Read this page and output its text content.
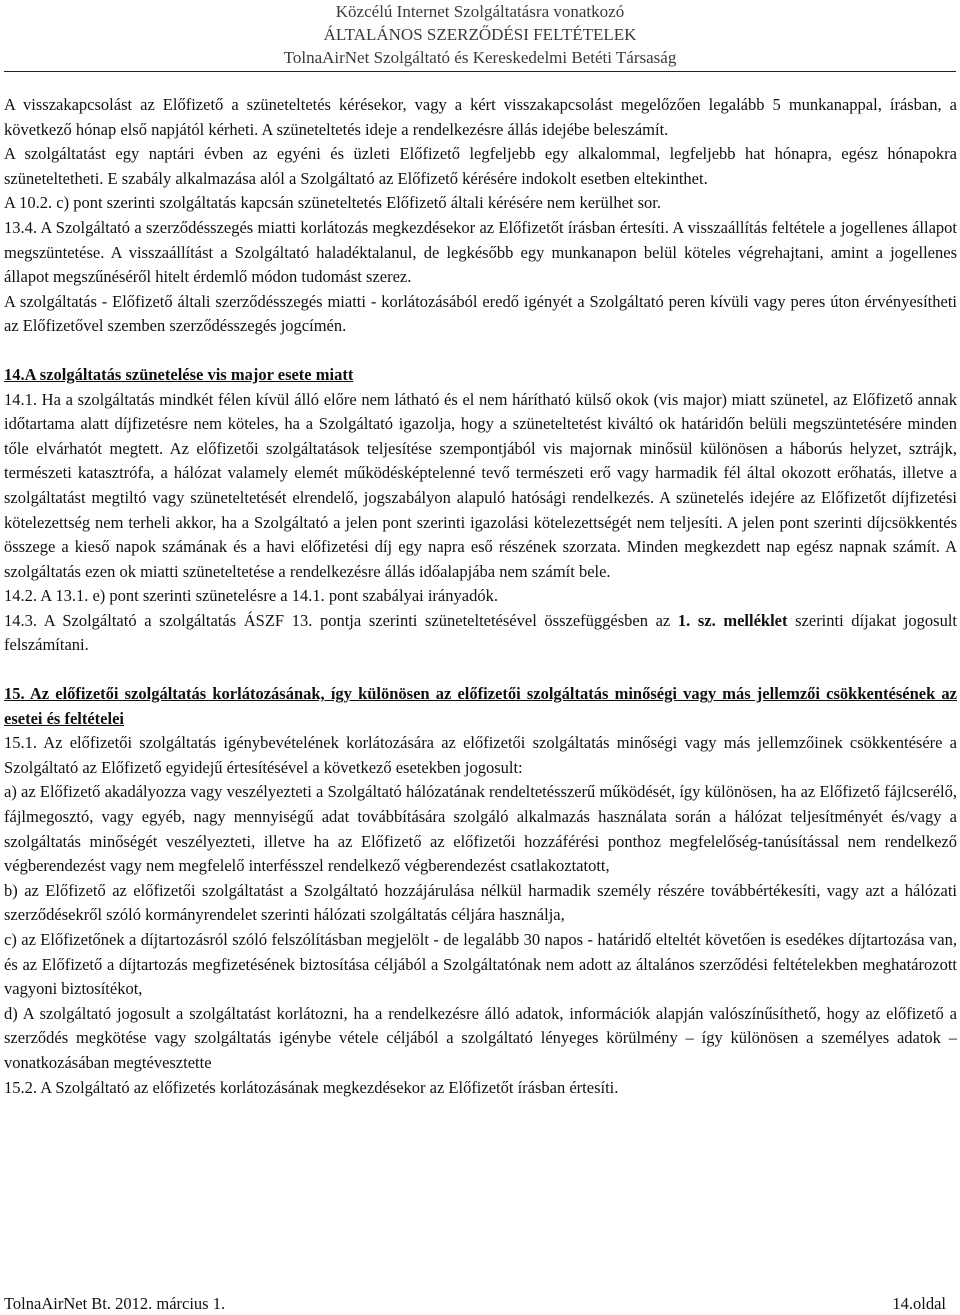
Közcélú Internet Szolgáltatásra vonatkozó
ÁLTALÁNOS SZERZŐDÉSI FELTÉTELEK
TolnaAirNet Szolgáltató és Kereskedelmi Betéti Társaság

A visszakapcsolást az Előfizető a szüneteltetés kérésekor, vagy a kért visszakapcsolást megelőzően legalább 5 munkanappal, írásban, a következő hónap első napjától kérheti. A szüneteltetés ideje a rendelkezésre állás idejébe beleszámít.

A szolgáltatást egy naptári évben az egyéni és üzleti Előfizető legfeljebb egy alkalommal, legfeljebb hat hónapra, egész hónapokra szüneteltetheti. E szabály alkalmazása alól a Szolgáltató az Előfizető kérésére indokolt esetben eltekinthet.

A 10.2. c) pont szerinti szolgáltatás kapcsán szüneteltetés Előfizető általi kérésére nem kerülhet sor.

13.4. A Szolgáltató a szerződésszegés miatti korlátozás megkezdésekor az Előfizetőt írásban értesíti. A visszaállítás feltétele a jogellenes állapot megszüntetése. A visszaállítást a Szolgáltató haladéktalanul, de legkésőbb egy munkanapon belül köteles végrehajtani, amint a jogellenes állapot megszűnéséről hitelt érdemlő módon tudomást szerez.

A szolgáltatás - Előfizető általi szerződésszegés miatti - korlátozásából eredő igényét a Szolgáltató peren kívüli vagy peres úton érvényesítheti az Előfizetővel szemben szerződésszegés jogcímén.

14.A szolgáltatás szünetelése vis major esete miatt

14.1. Ha a szolgáltatás mindkét félen kívül álló előre nem látható és el nem hárítható külső okok (vis major) miatt szünetel, az Előfizető annak időtartama alatt díjfizetésre nem köteles, ha a Szolgáltató igazolja, hogy a szüneteltetést kiváltó ok határidőn belüli megszüntetésére minden tőle elvárhatót megtett. Az előfizetői szolgáltatások teljesítése szempontjából vis majornak minősül különösen a háborús helyzet, sztrájk, természeti katasztrófa, a hálózat valamely elemét működésképtelenné tevő természeti erő vagy harmadik fél által okozott erőhatás, illetve a szolgáltatást megtiltó vagy szüneteltetését elrendelő, jogszabályon alapuló hatósági rendelkezés. A szünetelés idejére az Előfizetőt díjfizetési kötelezettség nem terheli akkor, ha a Szolgáltató a jelen pont szerinti igazolási kötelezettségét nem teljesíti. A jelen pont szerinti díjcsökkentés összege a kieső napok számának és a havi előfizetési díj egy napra eső részének szorzata. Minden megkezdett nap egész napnak számít. A szolgáltatás ezen ok miatti szüneteltetése a rendelkezésre állás időalapjába nem számít bele.

14.2. A 13.1. e) pont szerinti szünetelésre a 14.1. pont szabályai irányadók.

14.3. A Szolgáltató a szolgáltatás ÁSZF 13. pontja szerinti szüneteltetésével összefüggésben az 1. sz. melléklet szerinti díjakat jogosult felszámítani.

15. Az előfizetői szolgáltatás korlátozásának, így különösen az előfizetői szolgáltatás minőségi vagy más jellemzői csökkentésének az esetei és feltételei

15.1. Az előfizetői szolgáltatás igénybevételének korlátozására az előfizetői szolgáltatás minőségi vagy más jellemzőinek csökkentésére a Szolgáltató az Előfizető egyidejű értesítésével a következő esetekben jogosult:

a) az Előfizető akadályozza vagy veszélyezteti a Szolgáltató hálózatának rendeltetésszerű működését, így különösen, ha az Előfizető fájlcserélő, fájlmegosztó, vagy egyéb, nagy mennyiségű adat továbbítására szolgáló alkalmazás használata során a hálózat teljesítményét és/vagy a szolgáltatás minőségét veszélyezteti, illetve ha az Előfizető az előfizetői hozzáférési ponthoz megfelelőség-tanúsítással nem rendelkező végberendezést vagy nem megfelelő interfésszel rendelkező végberendezést csatlakoztatott,

b) az Előfizető az előfizetői szolgáltatást a Szolgáltató hozzájárulása nélkül harmadik személy részére továbbértékesíti, vagy azt a hálózati szerződésekről szóló kormányrendelet szerinti hálózati szolgáltatás céljára használja,

c) az Előfizetőnek a díjtartozásról szóló felszólításban megjelölt - de legalább 30 napos - határidő elteltét követően is esedékes díjtartozása van, és az Előfizető a díjtartozás megfizetésének biztosítása céljából a Szolgáltatónak nem adott az általános szerződési feltételekben meghatározott vagyoni biztosítékot,

d) A szolgáltató jogosult a szolgáltatást korlátozni, ha a rendelkezésre álló adatok, információk alapján valószínűsíthető, hogy az előfizető a szerződés megkötése vagy szolgáltatás igénybe vétele céljából a szolgáltató lényeges körülmény – így különösen a személyes adatok – vonatkozásában megtévesztette

15.2. A Szolgáltató az előfizetés korlátozásának megkezdésekor az Előfizetőt írásban értesíti.

TolnaAirNet Bt. 2012. március 1.	14.oldal
